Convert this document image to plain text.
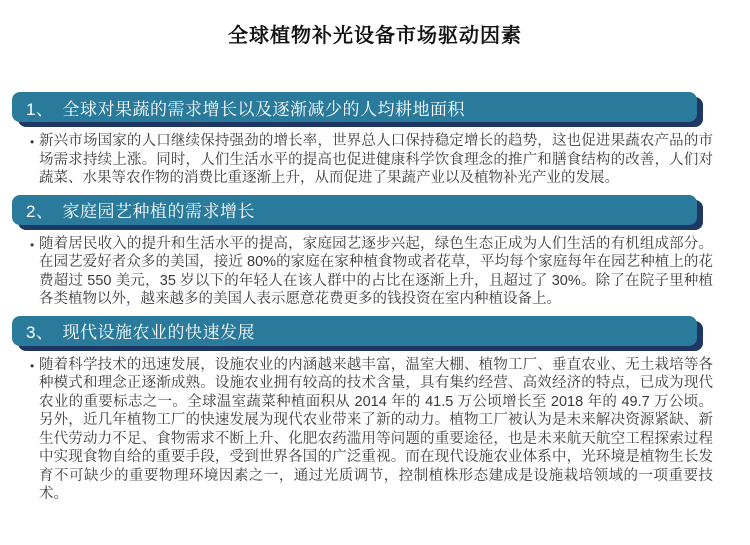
全球植物补光设备市场驱动因素
1、 全球对果蔬的需求增长以及逐渐减少的人均耕地面积
• 新兴市场国家的人口继续保持强劲的增长率，世界总人口保持稳定增长的趋势，这也促进果蔬农产品的市场需求持续上涨。同时，人们生活水平的提高也促进健康科学饮食理念的推广和膳食结构的改善，人们对蔬菜、水果等农作物的消费比重逐渐上升，从而促进了果蔬产业以及植物补光产业的发展。

2、 家庭园艺种植的需求增长
• 随着居民收入的提升和生活水平的提高，家庭园艺逐步兴起，绿色生态正成为人们生活的有机组成部分。在园艺爱好者众多的美国，接近 80%的家庭在家种植食物或者花草，平均每个家庭每年在园艺种植上的花费超过 550 美元，35 岁以下的年轻人在该人群中的占比在逐渐上升，且超过了 30%。除了在院子里种植各类植物以外，越来越多的美国人表示愿意花费更多的钱投资在室内种植设备上。

3、 现代设施农业的快速发展
• 随着科学技术的迅速发展，设施农业的内涵越来越丰富，温室大棚、植物工厂、垂直农业、无土栽培等各种模式和理念正逐渐成熟。设施农业拥有较高的技术含量，具有集约经营、高效经济的特点，已成为现代农业的重要标志之一。全球温室蔬菜种植面积从 2014 年的 41.5 万公顷增长至 2018 年的 49.7 万公顷。另外，近几年植物工厂的快速发展为现代农业带来了新的动力。植物工厂被认为是未来解决资源紧缺、新生代劳动力不足、食物需求不断上升、化肥农药滥用等问题的重要途径，也是未来航天航空工程探索过程中实现食物自给的重要手段，受到世界各国的广泛重视。而在现代设施农业体系中，光环境是植物生长发育不可缺少的重要物理环境因素之一，通过光质调节，控制植株形态建成是设施栽培领域的一项重要技术。
